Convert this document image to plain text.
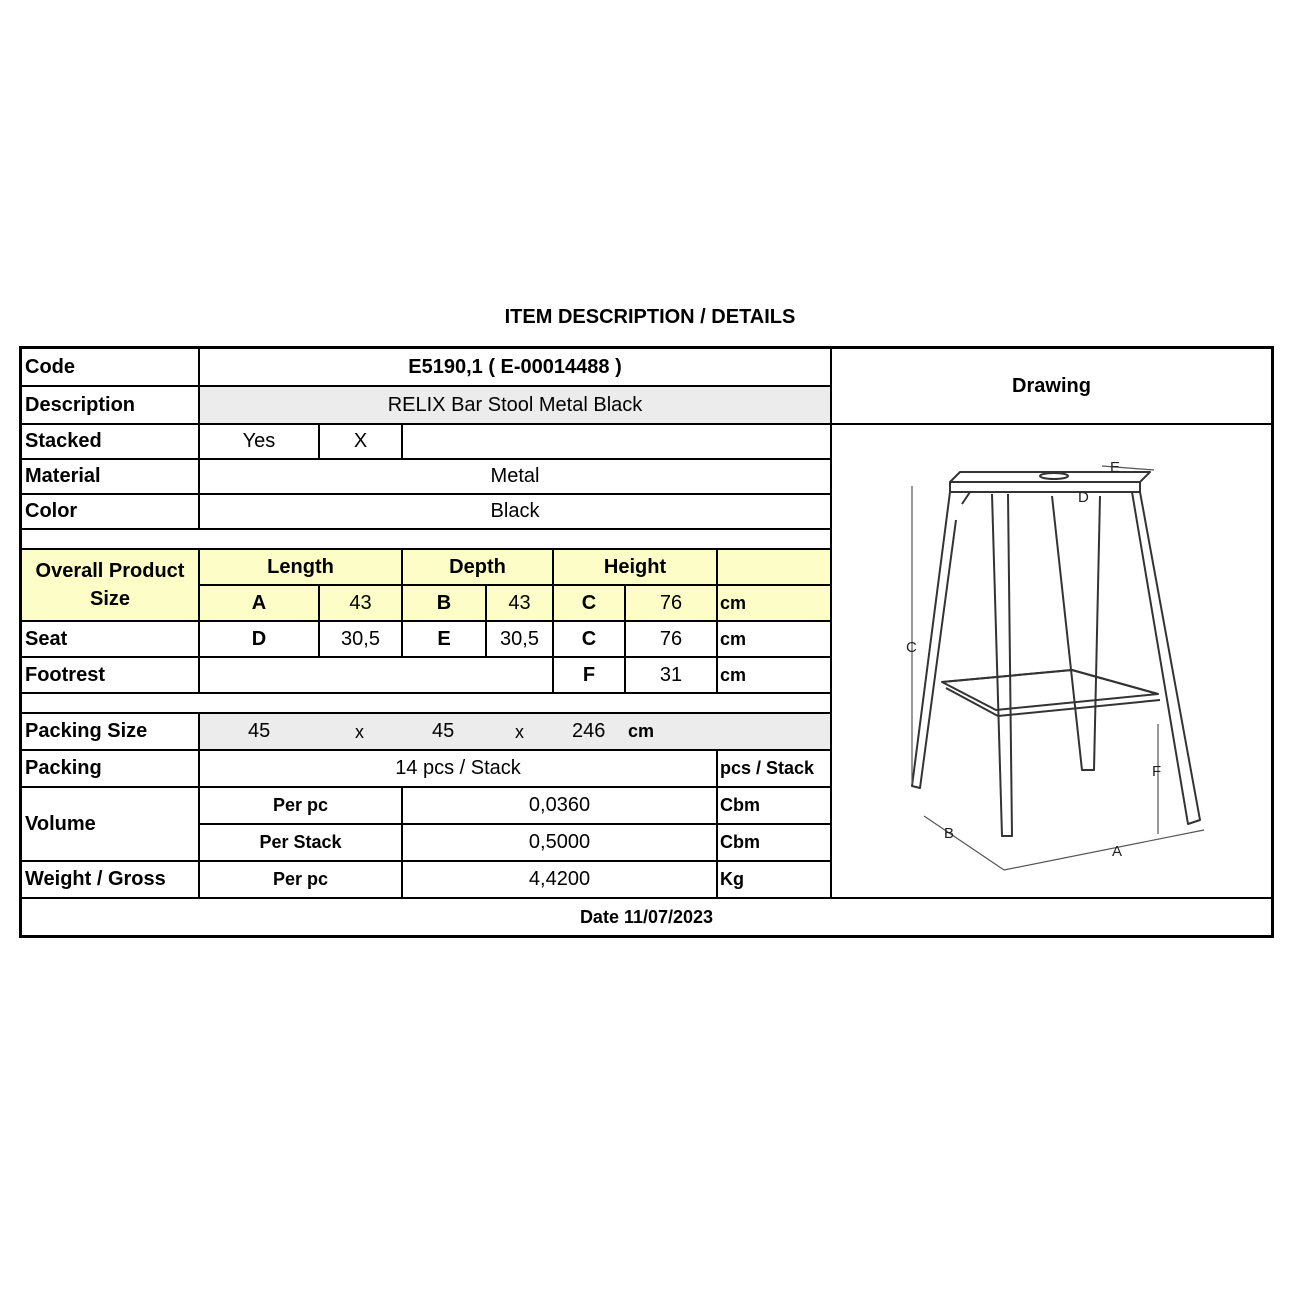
ITEM DESCRIPTION / DETAILS
Code	E5190,1 ( E-00014488 )
Description	RELIX Bar Stool Metal Black
Stacked	Yes	X
Material	Metal
Color	Black
Overall Product Size
Length	Depth	Height
A	43	B	43	C	76	cm
Seat	D	30,5	E	30,5	C	76	cm
Footrest	F	31	cm
Packing Size	45	x	45	x 246 cm
Packing	14 pcs / Stack	pcs / Stack
Volume
Per pc	0,0360	Cbm
Per Stack	0,5000	Cbm
Weight / Gross	Per pc	4,4200	Kg
Drawing
C
F
B
A
E
D
Date 11/07/2023
